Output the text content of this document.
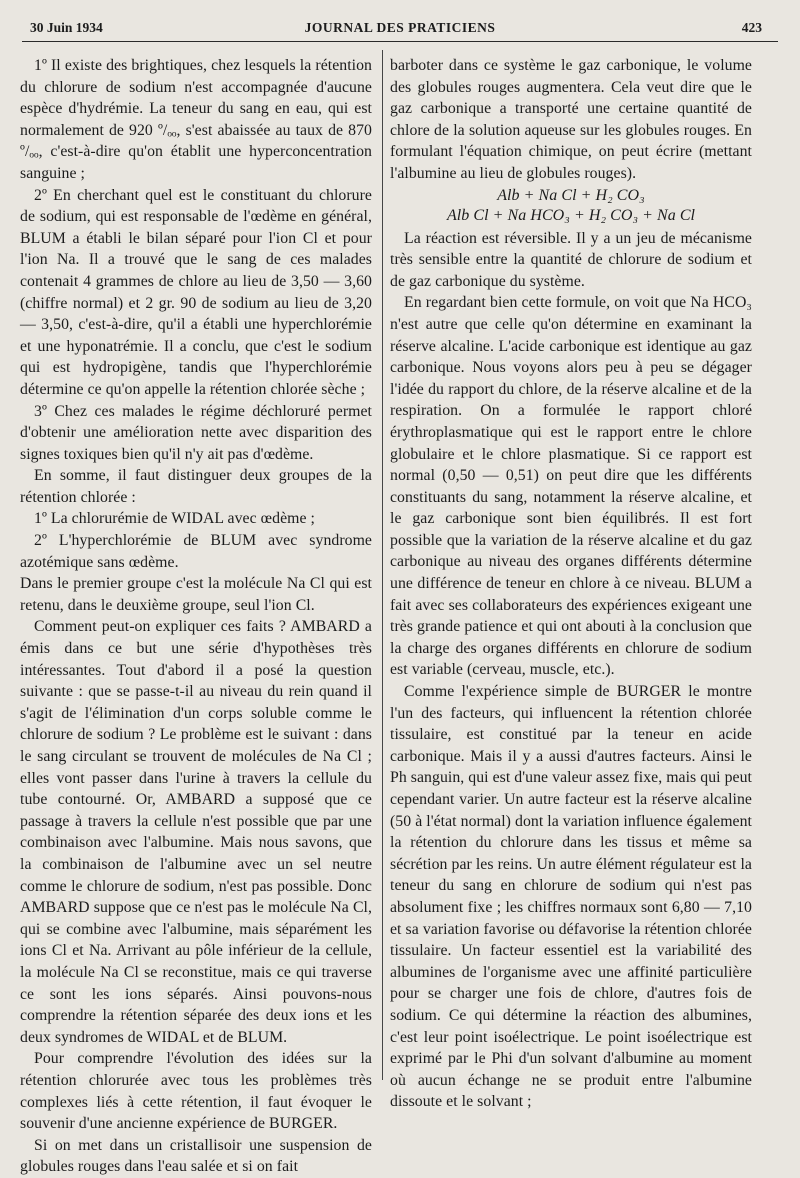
30 Juin 1934	JOURNAL DES PRATICIENS	423

1º Il existe des brightiques, chez lesquels la rétention du chlorure de sodium n'est accompagnée d'aucune espèce d'hydrémie. La teneur du sang en eau, qui est normalement de 920 º/ₒₒ, s'est abaissée au taux de 870 º/ₒₒ, c'est-à-dire qu'on établit une hyperconcentration sanguine ;

2º En cherchant quel est le constituant du chlorure de sodium, qui est responsable de l'œdème en général, BLUM a établi le bilan séparé pour l'ion Cl et pour l'ion Na. Il a trouvé que le sang de ces malades contenait 4 grammes de chlore au lieu de 3,50 — 3,60 (chiffre normal) et 2 gr. 90 de sodium au lieu de 3,20 — 3,50, c'est-à-dire, qu'il a établi une hyperchlorémie et une hyponatrémie. Il a conclu, que c'est le sodium qui est hydropigène, tandis que l'hyperchlorémie détermine ce qu'on appelle la rétention chlorée sèche ;

3º Chez ces malades le régime déchloruré permet d'obtenir une amélioration nette avec disparition des signes toxiques bien qu'il n'y ait pas d'œdème.

En somme, il faut distinguer deux groupes de la rétention chlorée :

1º La chlorurémie de WIDAL avec œdème ;

2º L'hyperchlorémie de BLUM avec syndrome azotémique sans œdème.

Dans le premier groupe c'est la molécule Na Cl qui est retenu, dans le deuxième groupe, seul l'ion Cl.

Comment peut-on expliquer ces faits ? AMBARD a émis dans ce but une série d'hypothèses très intéressantes. Tout d'abord il a posé la question suivante : que se passe-t-il au niveau du rein quand il s'agit de l'élimination d'un corps soluble comme le chlorure de sodium ? Le problème est le suivant : dans le sang circulant se trouvent de molécules de Na Cl ; elles vont passer dans l'urine à travers la cellule du tube contourné. Or, AMBARD a supposé que ce passage à travers la cellule n'est possible que par une combinaison avec l'albumine. Mais nous savons, que la combinaison de l'albumine avec un sel neutre comme le chlorure de sodium, n'est pas possible. Donc AMBARD suppose que ce n'est pas le molécule Na Cl, qui se combine avec l'albumine, mais séparément les ions Cl et Na. Arrivant au pôle inférieur de la cellule, la molécule Na Cl se reconstitue, mais ce qui traverse ce sont les ions séparés. Ainsi pouvons-nous comprendre la rétention séparée des deux ions et les deux syndromes de WIDAL et de BLUM.

Pour comprendre l'évolution des idées sur la rétention chlorurée avec tous les problèmes très complexes liés à cette rétention, il faut évoquer le souvenir d'une ancienne expérience de BURGER.

Si on met dans un cristallisoir une suspension de globules rouges dans l'eau salée et si on fait

barboter dans ce système le gaz carbonique, le volume des globules rouges augmentera. Cela veut dire que le gaz carbonique a transporté une certaine quantité de chlore de la solution aqueuse sur les globules rouges. En formulant l'équation chimique, on peut écrire (mettant l'albumine au lieu de globules rouges).

Alb + Na Cl + H₂ CO₃
Alb Cl + Na HCO₃ + H₂ CO₃ + Na Cl

La réaction est réversible. Il y a un jeu de mécanisme très sensible entre la quantité de chlorure de sodium et de gaz carbonique du système.

En regardant bien cette formule, on voit que Na HCO₃ n'est autre que celle qu'on détermine en examinant la réserve alcaline. L'acide carbonique est identique au gaz carbonique. Nous voyons alors peu à peu se dégager l'idée du rapport du chlore, de la réserve alcaline et de la respiration. On a formulée le rapport chloré érythroplasmatique qui est le rapport entre le chlore globulaire et le chlore plasmatique. Si ce rapport est normal (0,50 — 0,51) on peut dire que les différents constituants du sang, notamment la réserve alcaline, et le gaz carbonique sont bien équilibrés. Il est fort possible que la variation de la réserve alcaline et du gaz carbonique au niveau des organes différents détermine une différence de teneur en chlore à ce niveau. BLUM a fait avec ses collaborateurs des expériences exigeant une très grande patience et qui ont abouti à la conclusion que la charge des organes différents en chlorure de sodium est variable (cerveau, muscle, etc.).

Comme l'expérience simple de BURGER le montre l'un des facteurs, qui influencent la rétention chlorée tissulaire, est constitué par la teneur en acide carbonique. Mais il y a aussi d'autres facteurs. Ainsi le Ph sanguin, qui est d'une valeur assez fixe, mais qui peut cependant varier. Un autre facteur est la réserve alcaline (50 à l'état normal) dont la variation influence également la rétention du chlorure dans les tissus et même sa sécrétion par les reins. Un autre élément régulateur est la teneur du sang en chlorure de sodium qui n'est pas absolument fixe ; les chiffres normaux sont 6,80 — 7,10 et sa variation favorise ou défavorise la rétention chlorée tissulaire. Un facteur essentiel est la variabilité des albumines de l'organisme avec une affinité particulière pour se charger une fois de chlore, d'autres fois de sodium. Ce qui détermine la réaction des albumines, c'est leur point isoélectrique. Le point isoélectrique est exprimé par le Phi d'un solvant d'albumine au moment où aucun échange ne se produit entre l'albumine dissoute et le solvant ;
